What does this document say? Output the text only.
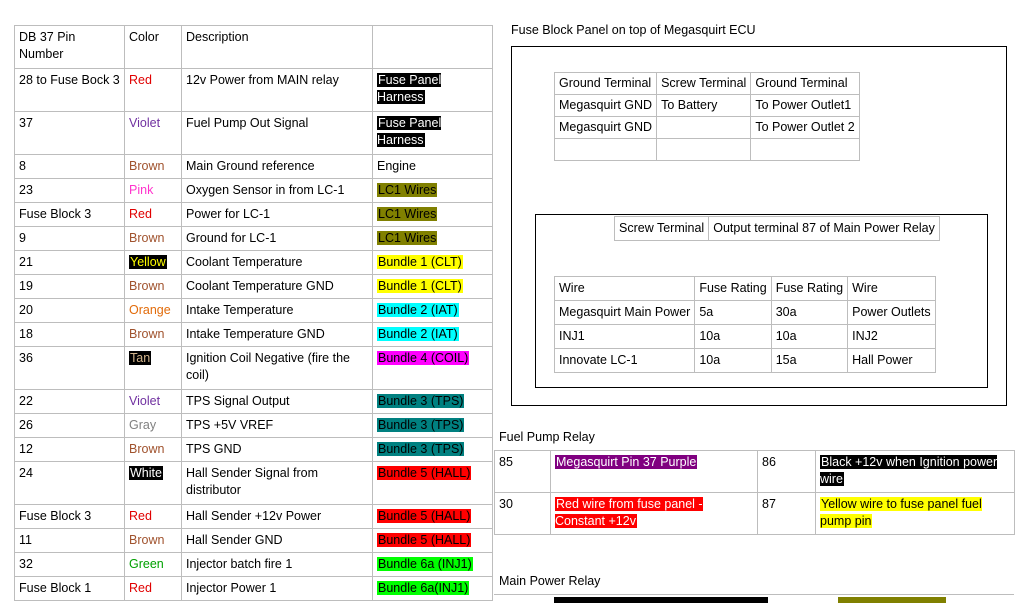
DB 37 Pin Number	Color	Description	
28 to Fuse Bock 3	Red	12v Power from MAIN relay	Fuse Panel Harness
37	Violet	Fuel Pump Out Signal	Fuse Panel Harness
8	Brown	Main Ground reference	Engine
23	Pink	Oxygen Sensor in from LC-1	LC1 Wires
Fuse Block 3	Red	Power for LC-1	LC1 Wires
9	Brown	Ground for LC-1	LC1 Wires
21	Yellow	Coolant Temperature	Bundle 1 (CLT)
19	Brown	Coolant Temperature GND	Bundle 1 (CLT)
20	Orange	Intake Temperature	Bundle 2 (IAT)
18	Brown	Intake Temperature GND	Bundle 2 (IAT)
36	Tan	Ignition Coil Negative (fire the coil)	Bundle 4 (COIL)
22	Violet	TPS Signal Output	Bundle 3 (TPS)
26	Gray	TPS +5V VREF	Bundle 3 (TPS)
12	Brown	TPS GND	Bundle 3 (TPS)
24	White	Hall Sender Signal from distributor	Bundle 5 (HALL)
Fuse Block 3	Red	Hall Sender +12v Power	Bundle 5 (HALL)
11	Brown	Hall Sender GND	Bundle 5 (HALL)
32	Green	Injector batch fire 1	Bundle 6a (INJ1)
Fuse Block 1	Red	Injector Power 1	Bundle 6a(INJ1)
Fuse Block Panel on top of Megasquirt ECU
Ground Terminal	Screw Terminal	Ground Terminal
Megasquirt GND	To Battery	To Power Outlet1
Megasquirt GND		To Power Outlet 2

Screw Terminal	Output terminal 87 of Main Power Relay
Wire	Fuse Rating	Fuse Rating	Wire
Megasquirt Main Power	5a	30a	Power Outlets
INJ1	10a	10a	INJ2
Innovate LC-1	10a	15a	Hall Power
Fuel Pump Relay
85	Megasquirt Pin 37 Purple	86	Black +12v when Ignition power wire
30	Red wire from fuse panel - Constant +12v	87	Yellow wire to fuse panel fuel pump pin
Main Power Relay
